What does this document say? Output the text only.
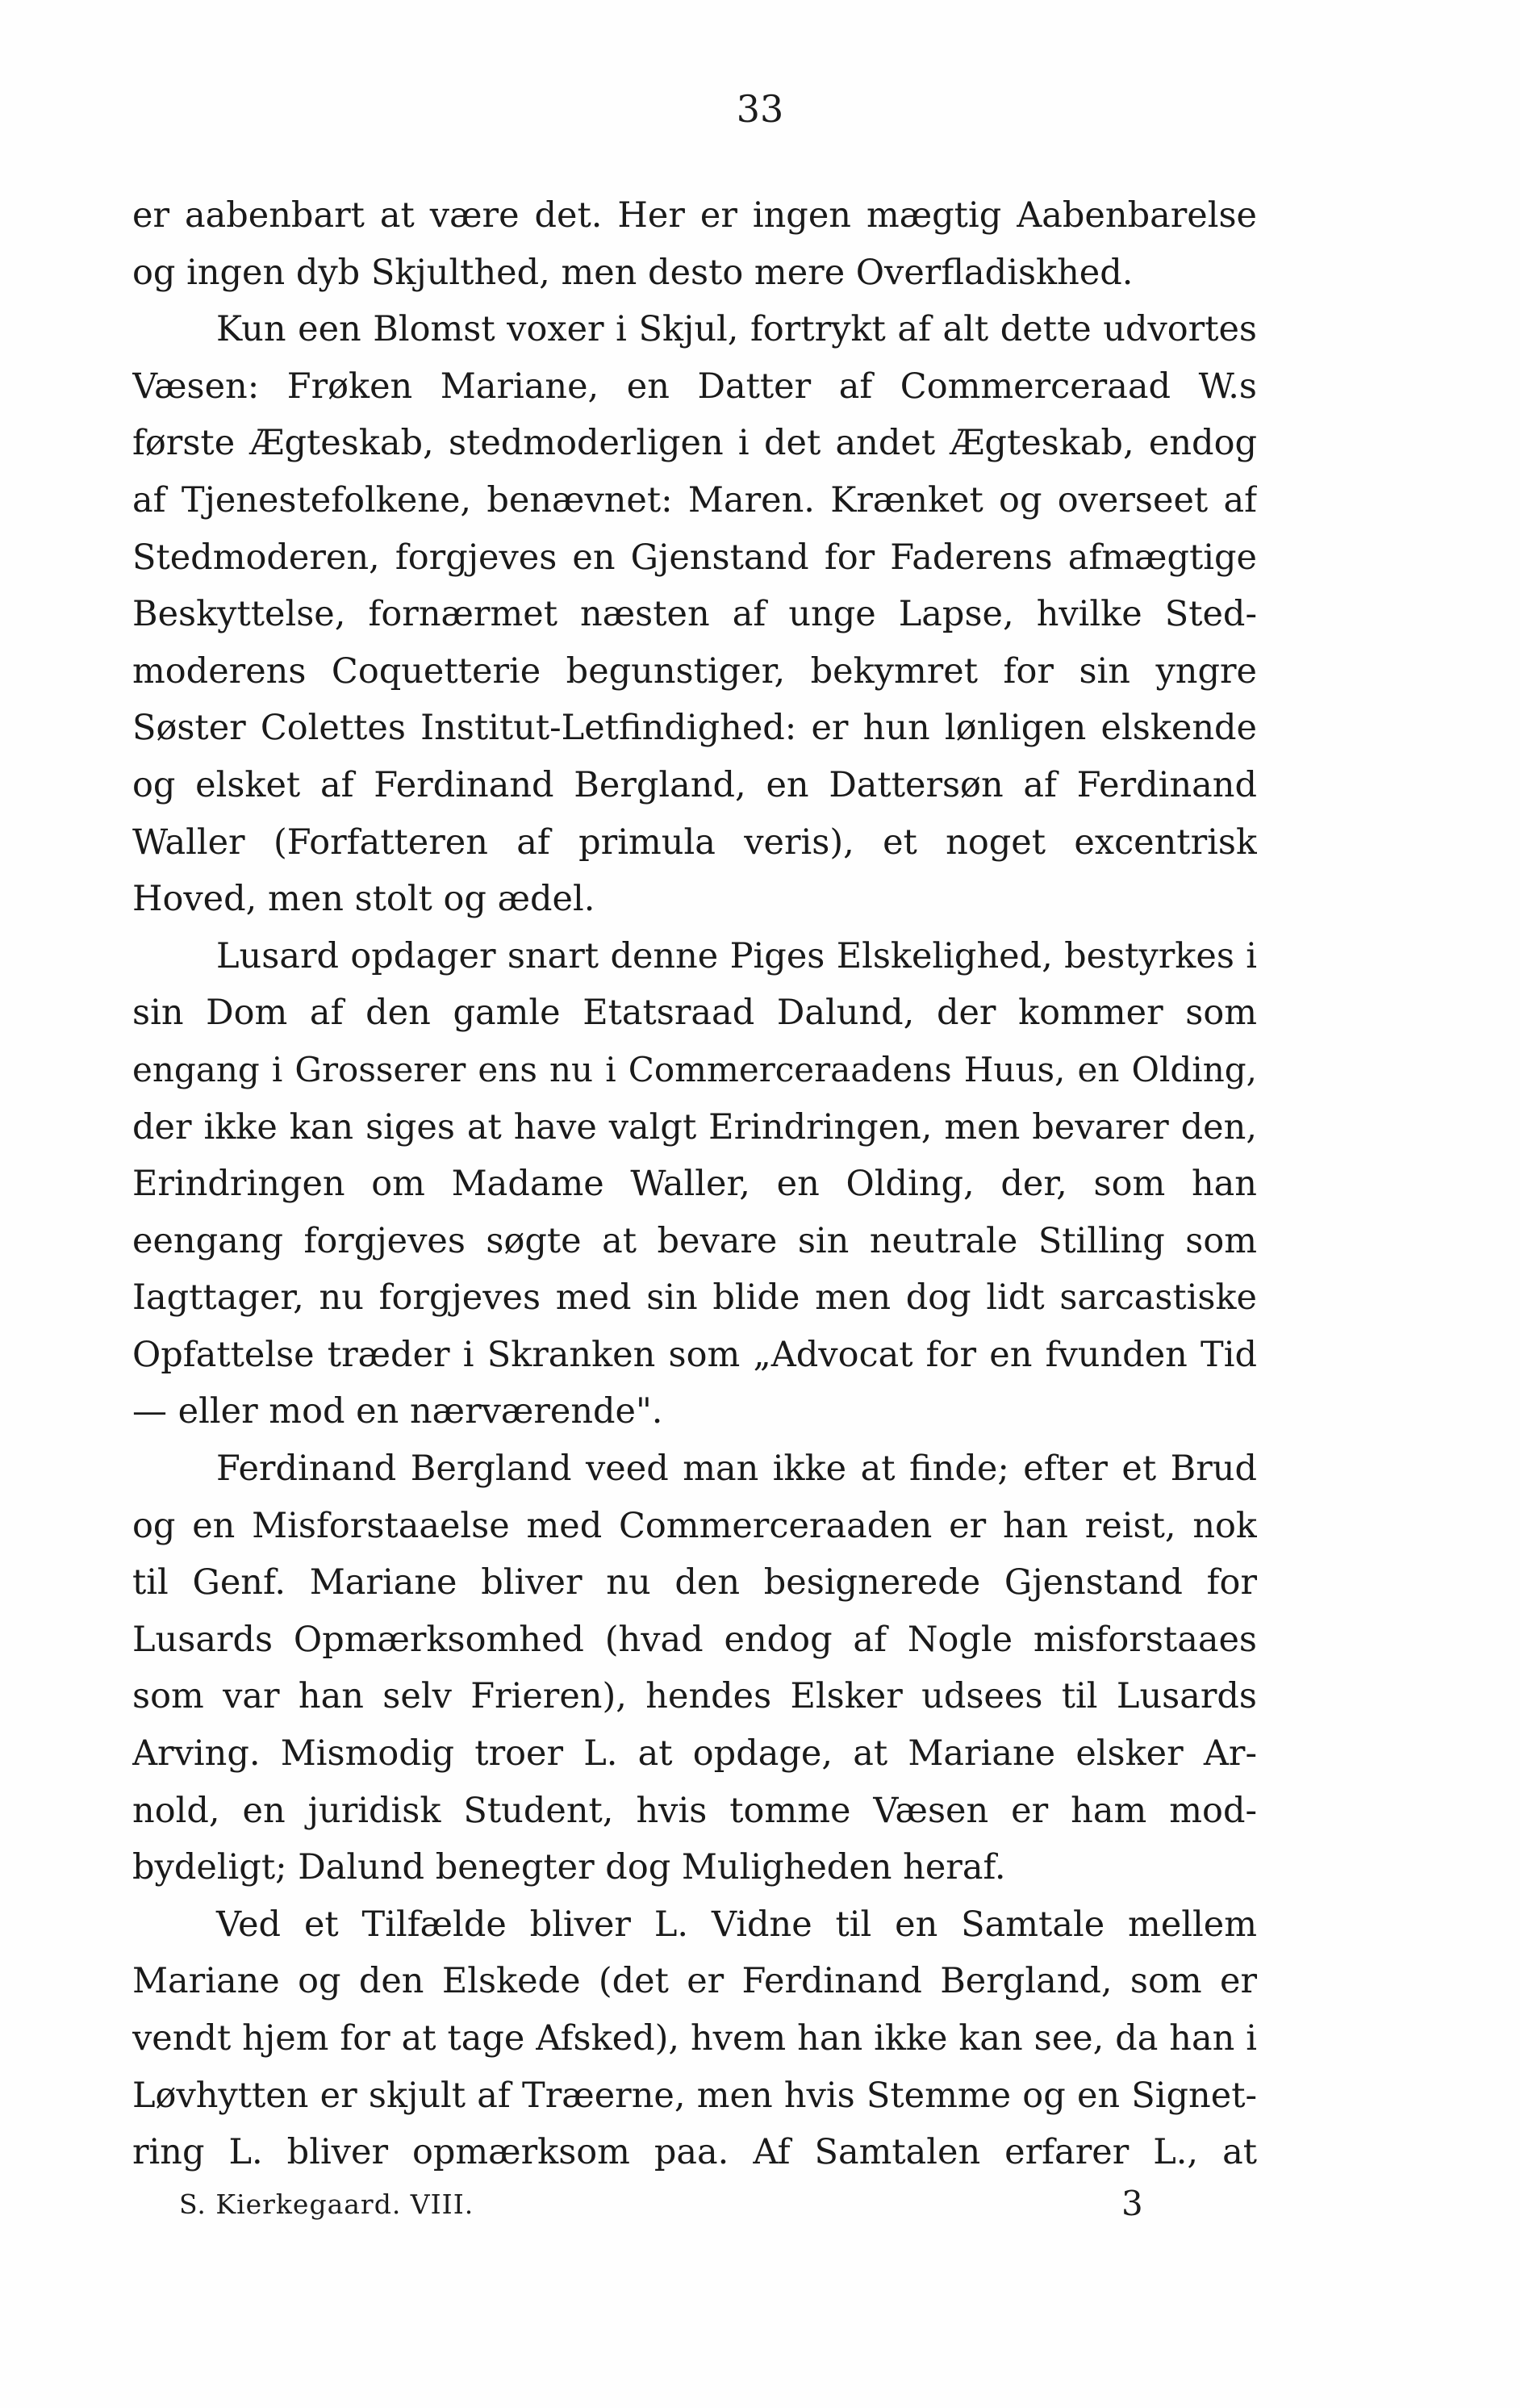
33
er aabenbart at være det. Her er ingen mægtig Aabenbarelse
og ingen dyb Skjulthed, men desto mere Overfladiskhed.
Kun een Blomst voxer i Skjul, fortrykt af alt dette udvortes
Væsen: Frøken Mariane, en Datter af Commerceraad W.s
første Ægteskab, stedmoderligen i det andet Ægteskab, endog
af Tjenestefolkene, benævnet: Maren. Krænket og overseet af
Stedmoderen, forgjeves en Gjenstand for Faderens afmægtige
Beskyttelse, fornærmet næsten af unge Lapse, hvilke Sted-
moderens Coquetterie begunstiger, bekymret for sin yngre
Søster Colettes Institut-Letfindighed: er hun lønligen elskende
og elsket af Ferdinand Bergland, en Dattersøn af Ferdinand
Waller (Forfatteren af primula veris), et noget excentrisk
Hoved, men stolt og ædel.
Lusard opdager snart denne Piges Elskelighed, bestyrkes i
sin Dom af den gamle Etatsraad Dalund, der kommer som
engang i Grosserer ens nu i Commerceraadens Huus, en Olding,
der ikke kan siges at have valgt Erindringen, men bevarer den,
Erindringen om Madame Waller, en Olding, der, som han
eengang forgjeves søgte at bevare sin neutrale Stilling som
Iagttager, nu forgjeves med sin blide men dog lidt sarcastiske
Opfattelse træder i Skranken som „Advocat for en fvunden Tid
— eller mod en nærværende".
Ferdinand Bergland veed man ikke at finde; efter et Brud
og en Misforstaaelse med Commerceraaden er han reist, nok
til Genf. Mariane bliver nu den besignerede Gjenstand for
Lusards Opmærksomhed (hvad endog af Nogle misforstaaes
som var han selv Frieren), hendes Elsker udsees til Lusards
Arving. Mismodig troer L. at opdage, at Mariane elsker Ar-
nold, en juridisk Student, hvis tomme Væsen er ham mod-
bydeligt; Dalund benegter dog Muligheden heraf.
Ved et Tilfælde bliver L. Vidne til en Samtale mellem
Mariane og den Elskede (det er Ferdinand Bergland, som er
vendt hjem for at tage Afsked), hvem han ikke kan see, da han i
Løvhytten er skjult af Træerne, men hvis Stemme og en Signet-
ring L. bliver opmærksom paa. Af Samtalen erfarer L., at
S. Kierkegaard. VIII.	3
